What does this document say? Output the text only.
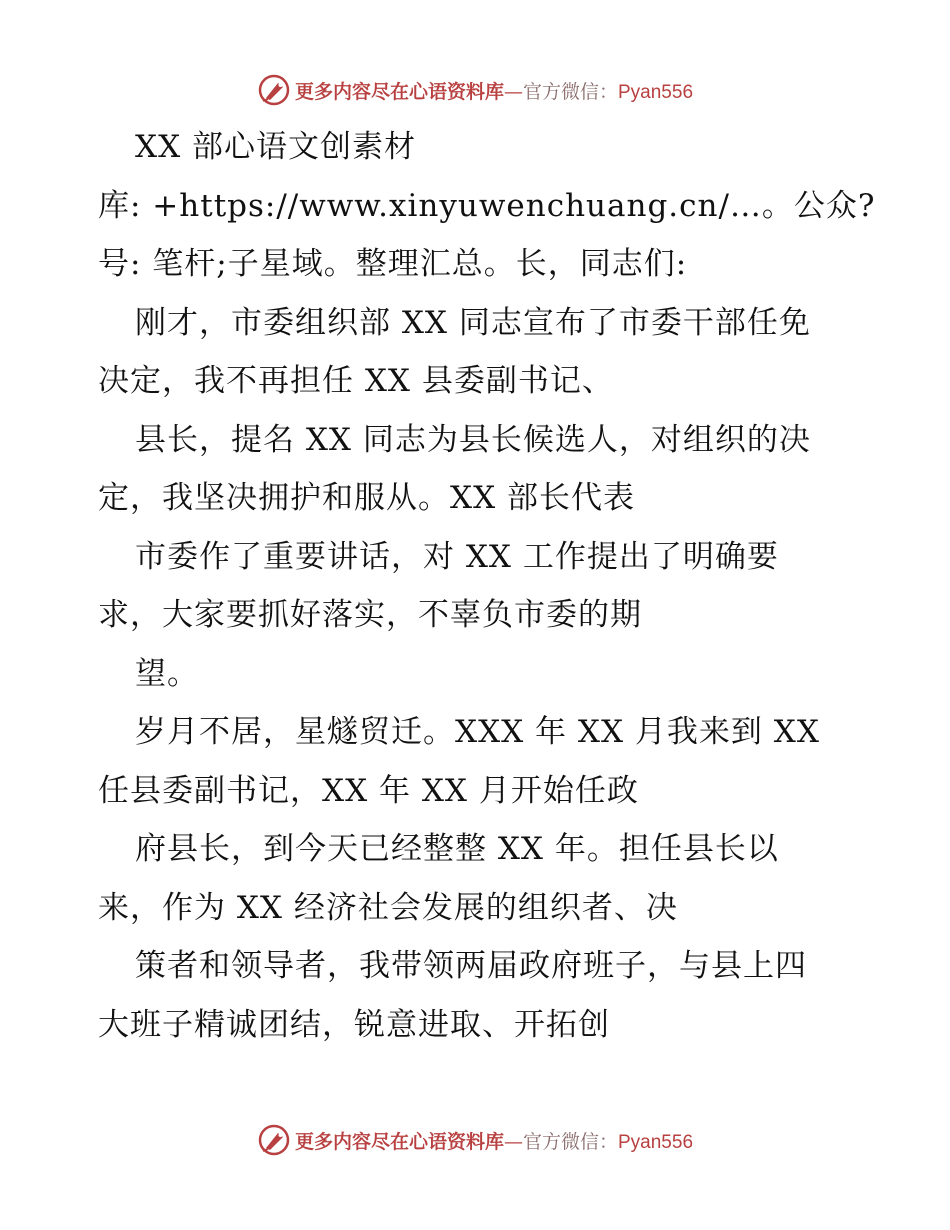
更多内容尽在心语资料库—官方微信：Pyan556
XX 部心语文创素材
库: +https://www.xinyuwenchuang.cn/…。公众?
号: 笔杆;子星域。整理汇总。长，同志们:
刚才，市委组织部 XX 同志宣布了市委干部任免
决定，我不再担任 XX 县委副书记、
县长，提名 XX 同志为县长候选人，对组织的决
定，我坚决拥护和服从。XX 部长代表
市委作了重要讲话，对 XX 工作提出了明确要
求，大家要抓好落实，不辜负市委的期
望。
岁月不居，星燧贸迁。XXX 年 XX 月我来到 XX
任县委副书记，XX 年 XX 月开始任政
府县长，到今天已经整整 XX 年。担任县长以
来，作为 XX 经济社会发展的组织者、决
策者和领导者，我带领两届政府班子，与县上四
大班子精诚团结，锐意进取、开拓创
更多内容尽在心语资料库—官方微信：Pyan556
